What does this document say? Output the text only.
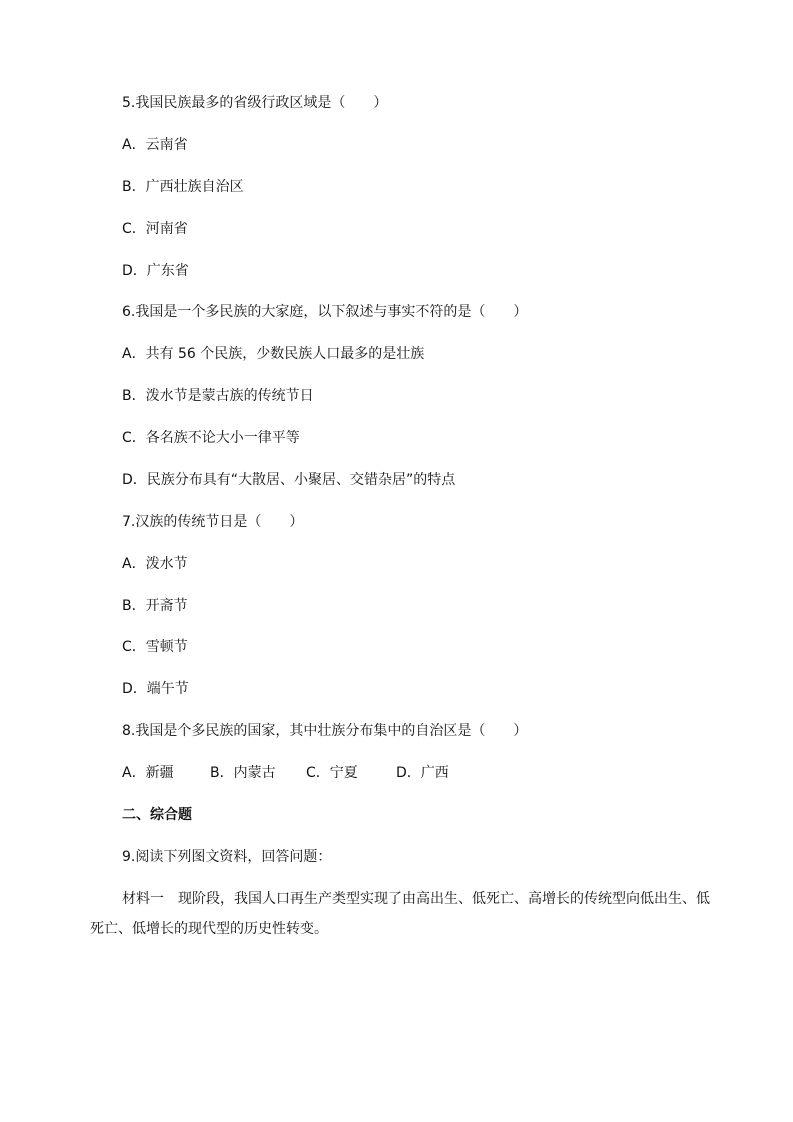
5.我国民族最多的省级行政区域是（　　）
A．云南省
B．广西壮族自治区
C．河南省
D．广东省
6.我国是一个多民族的大家庭，以下叙述与事实不符的是（　　）
A．共有 56 个民族，少数民族人口最多的是壮族
B．泼水节是蒙古族的传统节日
C．各名族不论大小一律平等
D．民族分布具有“大散居、小聚居、交错杂居”的特点
7.汉族的传统节日是（　　）
A．泼水节
B．开斋节
C．雪顿节
D．端午节
8.我国是个多民族的国家，其中壮族分布集中的自治区是（　　）
A．新疆	B．内蒙古 C．宁夏	D．广西
二、综合题
9.阅读下列图文资料，回答问题：
材料一　现阶段，我国人口再生产类型实现了由高出生、低死亡、高增长的传统型向低出生、低死亡、低增长的现代型的历史性转变。
